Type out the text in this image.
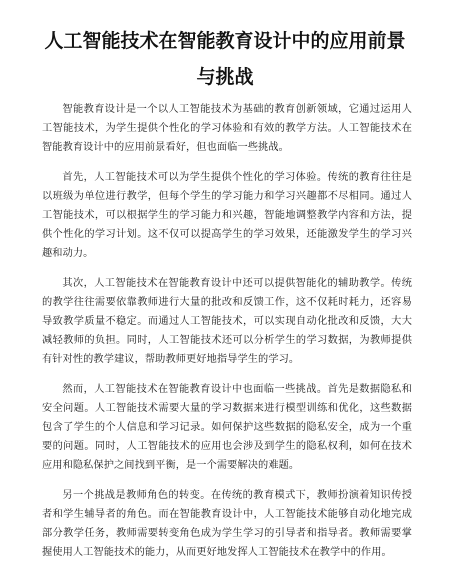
人工智能技术在智能教育设计中的应用前景
与挑战

智能教育设计是一个以人工智能技术为基础的教育创新领域，它通过运用人工智能技术，为学生提供个性化的学习体验和有效的教学方法。人工智能技术在智能教育设计中的应用前景看好，但也面临一些挑战。

首先，人工智能技术可以为学生提供个性化的学习体验。传统的教育往往是以班级为单位进行教学，但每个学生的学习能力和学习兴趣都不尽相同。通过人工智能技术，可以根据学生的学习能力和兴趣，智能地调整教学内容和方法，提供个性化的学习计划。这不仅可以提高学生的学习效果，还能激发学生的学习兴趣和动力。

其次，人工智能技术在智能教育设计中还可以提供智能化的辅助教学。传统的教学往往需要依靠教师进行大量的批改和反馈工作，这不仅耗时耗力，还容易导致教学质量不稳定。而通过人工智能技术，可以实现自动化批改和反馈，大大减轻教师的负担。同时，人工智能技术还可以分析学生的学习数据，为教师提供有针对性的教学建议，帮助教师更好地指导学生的学习。

然而，人工智能技术在智能教育设计中也面临一些挑战。首先是数据隐私和安全问题。人工智能技术需要大量的学习数据来进行模型训练和优化，这些数据包含了学生的个人信息和学习记录。如何保护这些数据的隐私安全，成为一个重要的问题。同时，人工智能技术的应用也会涉及到学生的隐私权利，如何在技术应用和隐私保护之间找到平衡，是一个需要解决的难题。

另一个挑战是教师角色的转变。在传统的教育模式下，教师扮演着知识传授者和学生辅导者的角色。而在智能教育设计中，人工智能技术能够自动化地完成部分教学任务，教师需要转变角色成为学生学习的引导者和指导者。教师需要掌握使用人工智能技术的能力，从而更好地发挥人工智能技术在教学中的作用。
